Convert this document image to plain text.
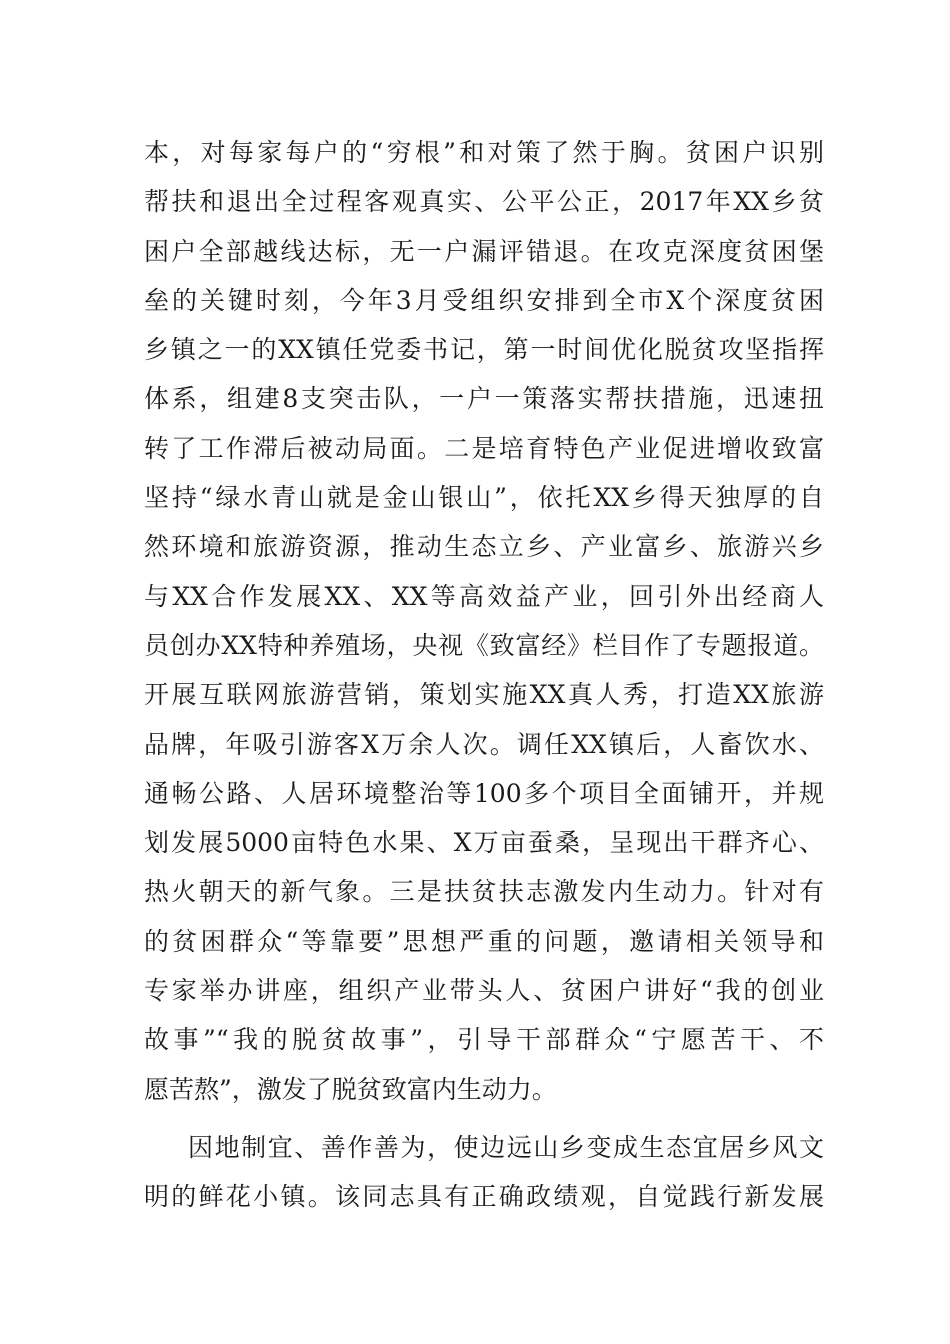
本，对每家每户的“穷根”和对策了然于胸。贫困户识别
帮扶和退出全过程客观真实、公平公正，2017年XX乡贫
困户全部越线达标，无一户漏评错退。在攻克深度贫困堡
垒的关键时刻，今年3月受组织安排到全市X个深度贫困
乡镇之一的XX镇任党委书记，第一时间优化脱贫攻坚指挥
体系，组建8支突击队，一户一策落实帮扶措施，迅速扭
转了工作滞后被动局面。二是培育特色产业促进增收致富
坚持“绿水青山就是金山银山”，依托XX乡得天独厚的自
然环境和旅游资源，推动生态立乡、产业富乡、旅游兴乡
与XX合作发展XX、XX等高效益产业，回引外出经商人
员创办XX特种养殖场，央视《致富经》栏目作了专题报道。
开展互联网旅游营销，策划实施XX真人秀，打造XX旅游
品牌，年吸引游客X万余人次。调任XX镇后，人畜饮水、
通畅公路、人居环境整治等100多个项目全面铺开，并规
划发展5000亩特色水果、X万亩蚕桑，呈现出干群齐心、
热火朝天的新气象。三是扶贫扶志激发内生动力。针对有
的贫困群众“等靠要”思想严重的问题，邀请相关领导和
专家举办讲座，组织产业带头人、贫困户讲好“我的创业
故事”“我的脱贫故事”，引导干部群众“宁愿苦干、不
愿苦熬”，激发了脱贫致富内生动力。
因地制宜、善作善为，使边远山乡变成生态宜居乡风文
明的鲜花小镇。该同志具有正确政绩观，自觉践行新发展
